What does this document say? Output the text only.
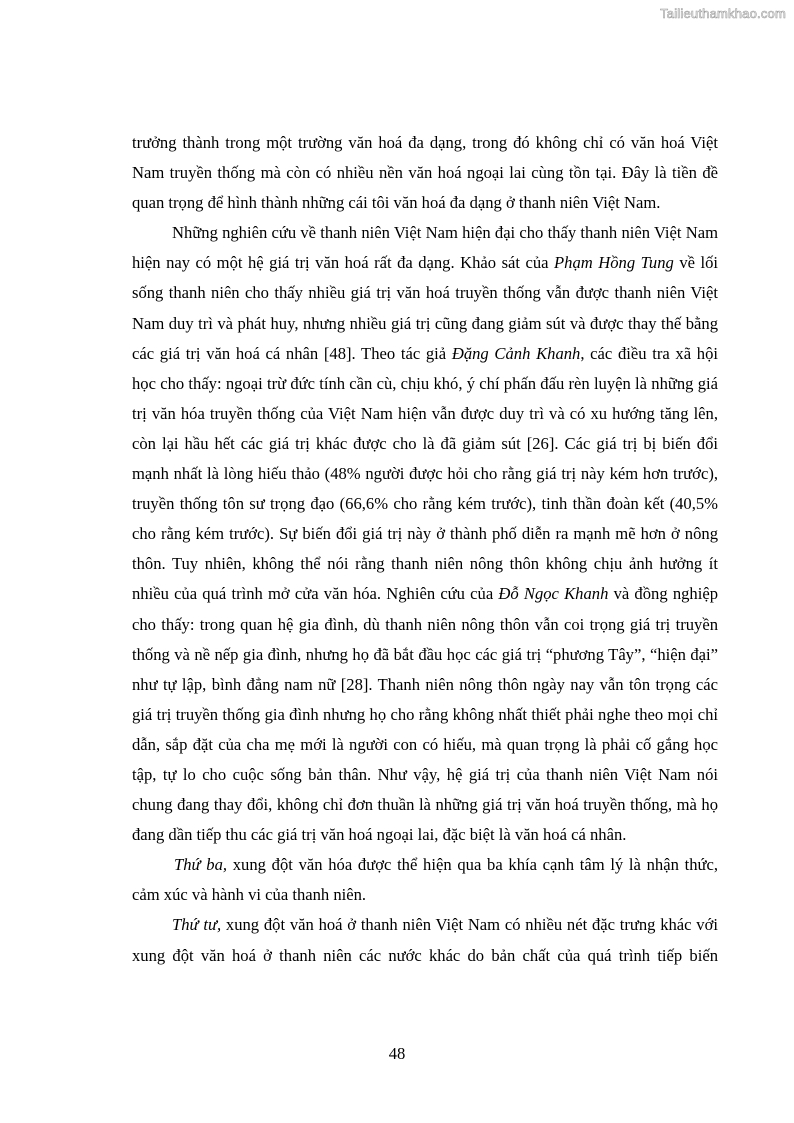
Tailieuthamkhao.com

trưởng thành trong một trường văn hoá đa dạng, trong đó không chỉ có văn hoá Việt Nam truyền thống mà còn có nhiều nền văn hoá ngoại lai cùng tồn tại. Đây là tiền đề quan trọng để hình thành những cái tôi văn hoá đa dạng ở thanh niên Việt Nam.

Những nghiên cứu về thanh niên Việt Nam hiện đại cho thấy thanh niên Việt Nam hiện nay có một hệ giá trị văn hoá rất đa dạng. Khảo sát của Phạm Hồng Tung về lối sống thanh niên cho thấy nhiều giá trị văn hoá truyền thống vẫn được thanh niên Việt Nam duy trì và phát huy, nhưng nhiều giá trị cũng đang giảm sút và được thay thế bằng các giá trị văn hoá cá nhân [48]. Theo tác giả Đặng Cảnh Khanh, các điều tra xã hội học cho thấy: ngoại trừ đức tính cần cù, chịu khó, ý chí phấn đấu rèn luyện là những giá trị văn hóa truyền thống của Việt Nam hiện vẫn được duy trì và có xu hướng tăng lên, còn lại hầu hết các giá trị khác được cho là đã giảm sút [26]. Các giá trị bị biến đổi mạnh nhất là lòng hiếu thảo (48% người được hỏi cho rằng giá trị này kém hơn trước), truyền thống tôn sư trọng đạo (66,6% cho rằng kém trước), tinh thần đoàn kết (40,5% cho rằng kém trước). Sự biến đổi giá trị này ở thành phố diễn ra mạnh mẽ hơn ở nông thôn. Tuy nhiên, không thể nói rằng thanh niên nông thôn không chịu ảnh hưởng ít nhiều của quá trình mở cửa văn hóa. Nghiên cứu của Đỗ Ngọc Khanh và đồng nghiệp cho thấy: trong quan hệ gia đình, dù thanh niên nông thôn vẫn coi trọng giá trị truyền thống và nề nếp gia đình, nhưng họ đã bắt đầu học các giá trị “phương Tây”, “hiện đại” như tự lập, bình đẳng nam nữ [28]. Thanh niên nông thôn ngày nay vẫn tôn trọng các giá trị truyền thống gia đình nhưng họ cho rằng không nhất thiết phải nghe theo mọi chỉ dẫn, sắp đặt của cha mẹ mới là người con có hiếu, mà quan trọng là phải cố gắng học tập, tự lo cho cuộc sống bản thân. Như vậy, hệ giá trị của thanh niên Việt Nam nói chung đang thay đổi, không chỉ đơn thuần là những giá trị văn hoá truyền thống, mà họ đang dần tiếp thu các giá trị văn hoá ngoại lai, đặc biệt là văn hoá cá nhân.

Thứ ba, xung đột văn hóa được thể hiện qua ba khía cạnh tâm lý là nhận thức, cảm xúc và hành vi của thanh niên.

Thứ tư, xung đột văn hoá ở thanh niên Việt Nam có nhiều nét đặc trưng khác với xung đột văn hoá ở thanh niên các nước khác do bản chất của quá trình tiếp biến

48
